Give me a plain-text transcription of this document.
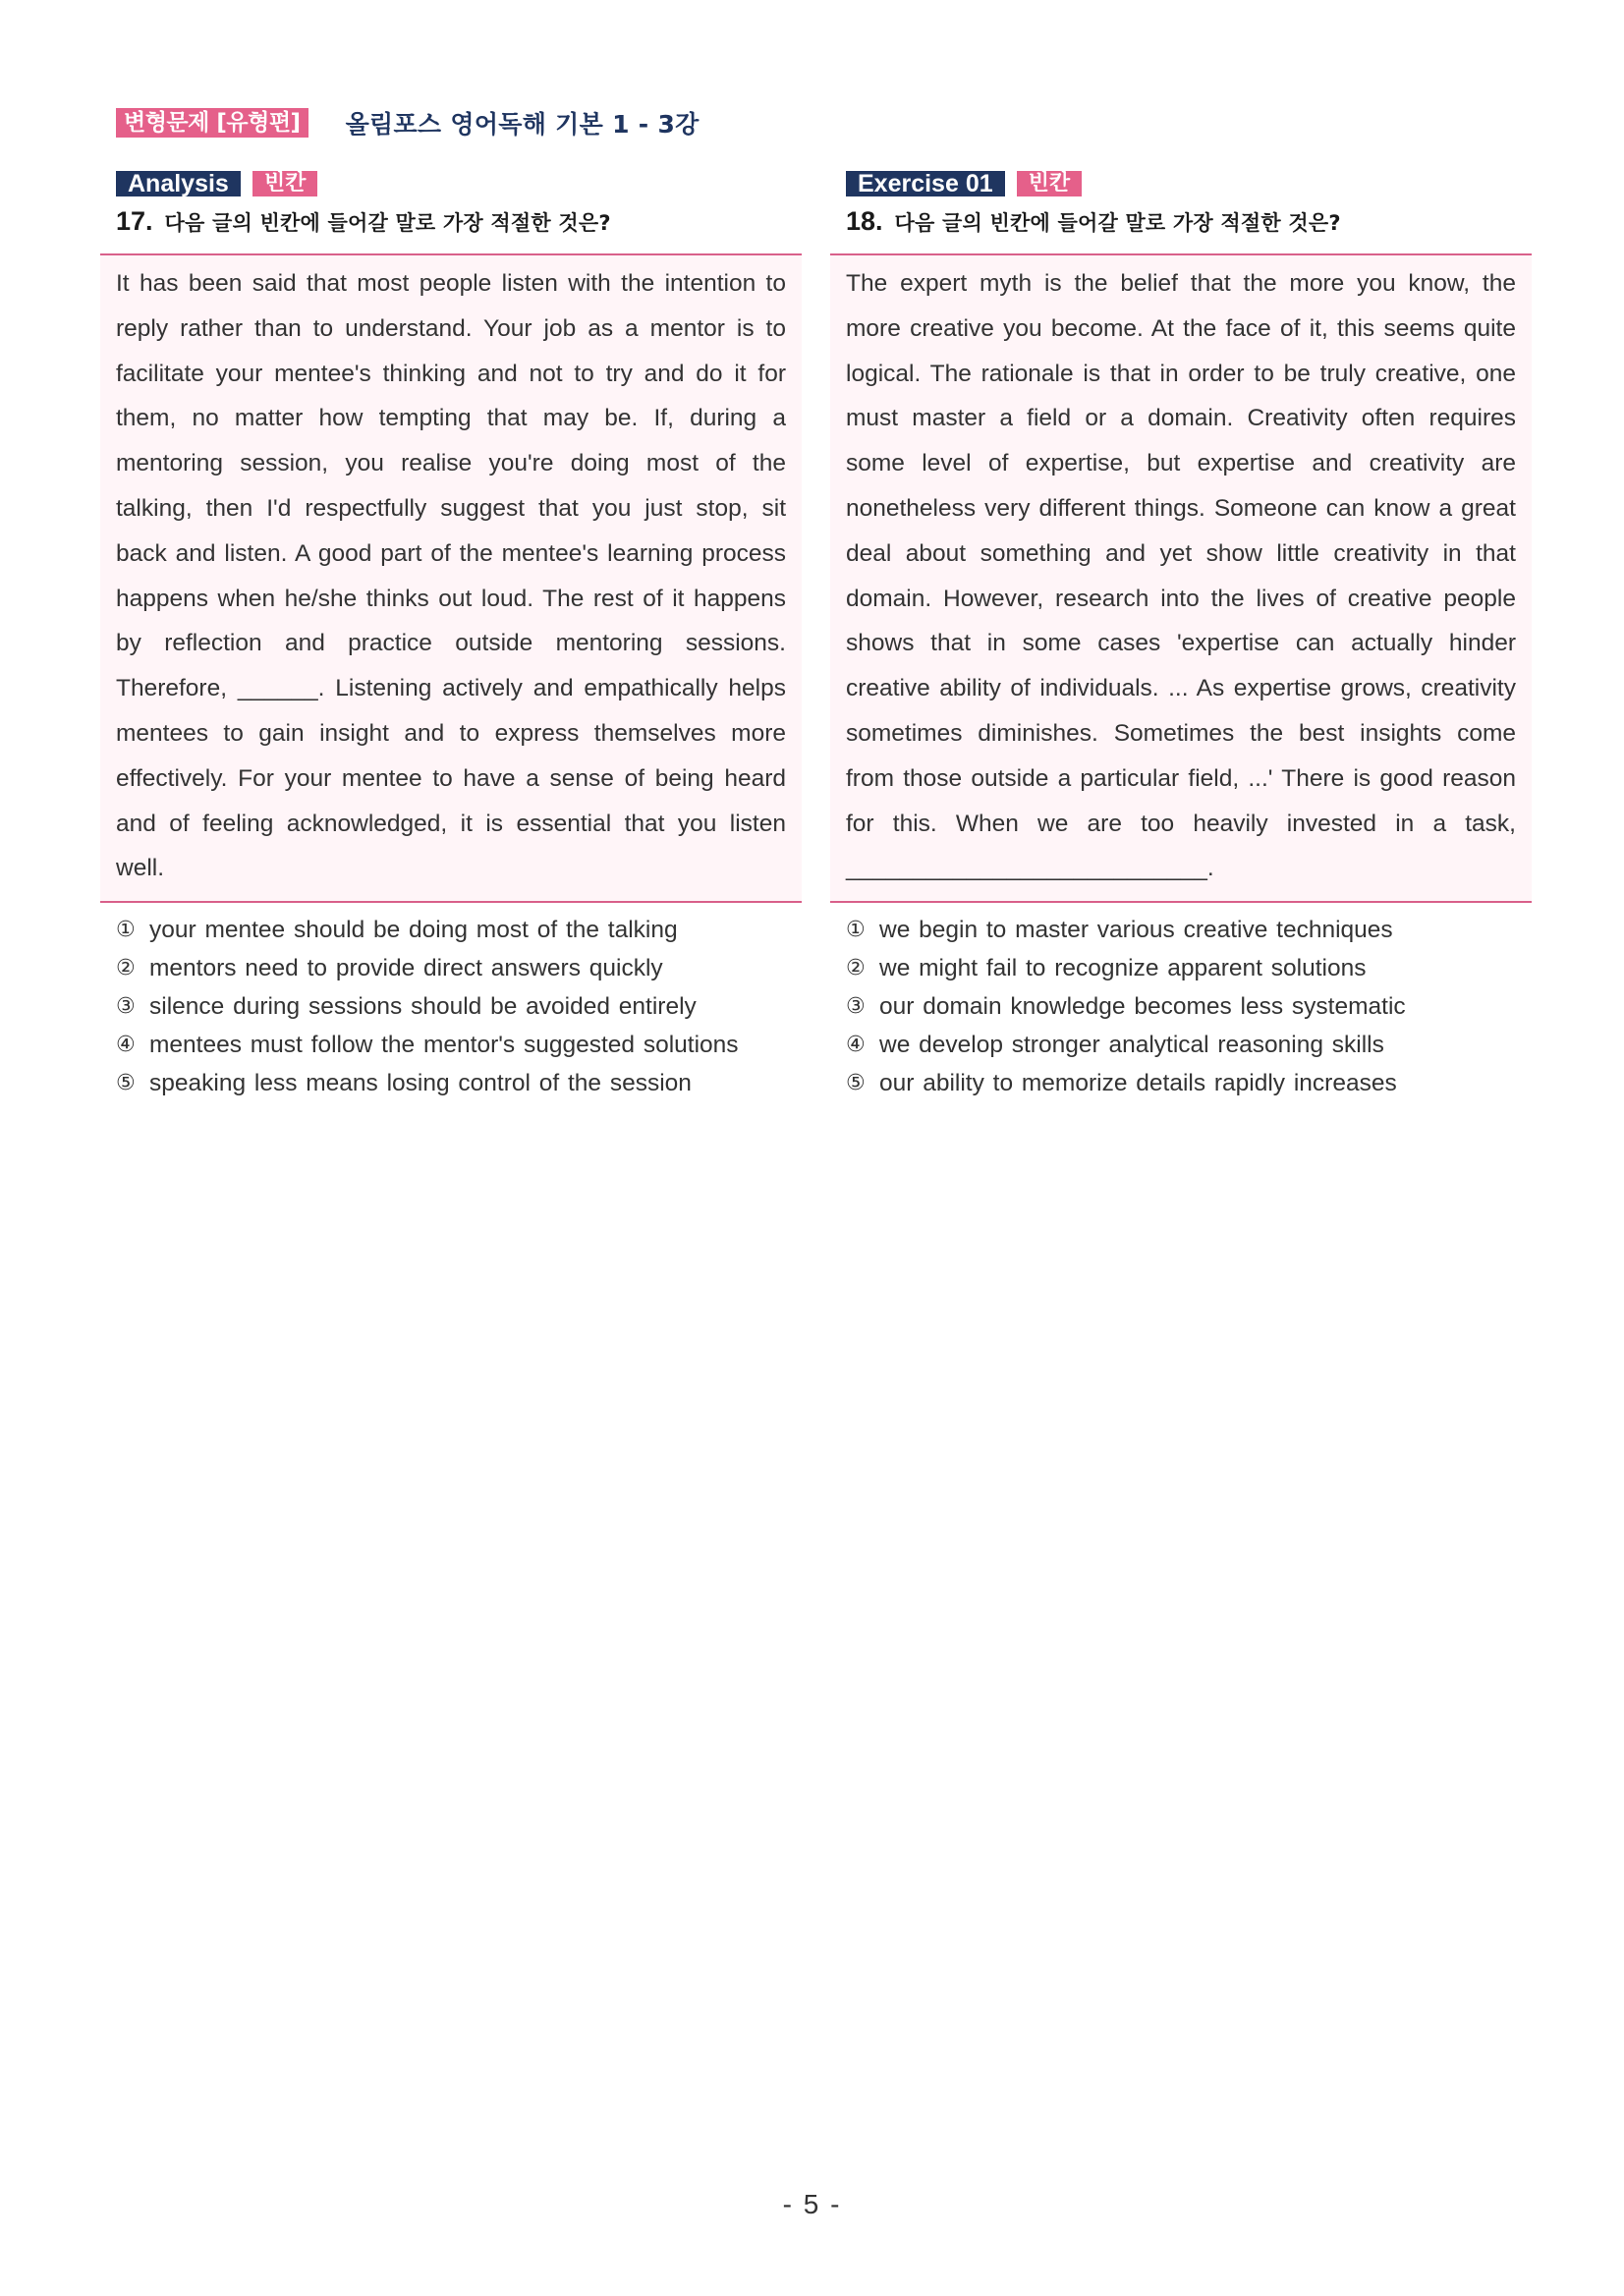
변형문제 [유형편]	올림포스 영어독해 기본 1 - 3강
Analysis	빈칸
17. 다음 글의 빈칸에 들어갈 말로 가장 적절한 것은?

It has been said that most people listen with the intention to reply rather than to understand. Your job as a mentor is to facilitate your mentee's thinking and not to try and do it for them, no matter how tempting that may be. If, during a mentoring session, you realise you're doing most of the talking, then I'd respectfully suggest that you just stop, sit back and listen. A good part of the mentee's learning process happens when he/she thinks out loud. The rest of it happens by reflection and practice outside mentoring sessions. Therefore, ______. Listening actively and empathically helps mentees to gain insight and to express themselves more effectively. For your mentee to have a sense of being heard and of feeling acknowledged, it is essential that you listen well.

① your mentee should be doing most of the talking
② mentors need to provide direct answers quickly
③ silence during sessions should be avoided entirely
④ mentees must follow the mentor's suggested solutions
⑤ speaking less means losing control of the session
Exercise 01	빈칸
18. 다음 글의 빈칸에 들어갈 말로 가장 적절한 것은?

The expert myth is the belief that the more you know, the more creative you become. At the face of it, this seems quite logical. The rationale is that in order to be truly creative, one must master a field or a domain. Creativity often requires some level of expertise, but expertise and creativity are nonetheless very different things. Someone can know a great deal about something and yet show little creativity in that domain. However, research into the lives of creative people shows that in some cases 'expertise can actually hinder creative ability of individuals. ... As expertise grows, creativity sometimes diminishes. Sometimes the best insights come from those outside a particular field, ...' There is good reason for this. When we are too heavily invested in a task, ___________________________.

① we begin to master various creative techniques
② we might fail to recognize apparent solutions
③ our domain knowledge becomes less systematic
④ we develop stronger analytical reasoning skills
⑤ our ability to memorize details rapidly increases
- 5 -
